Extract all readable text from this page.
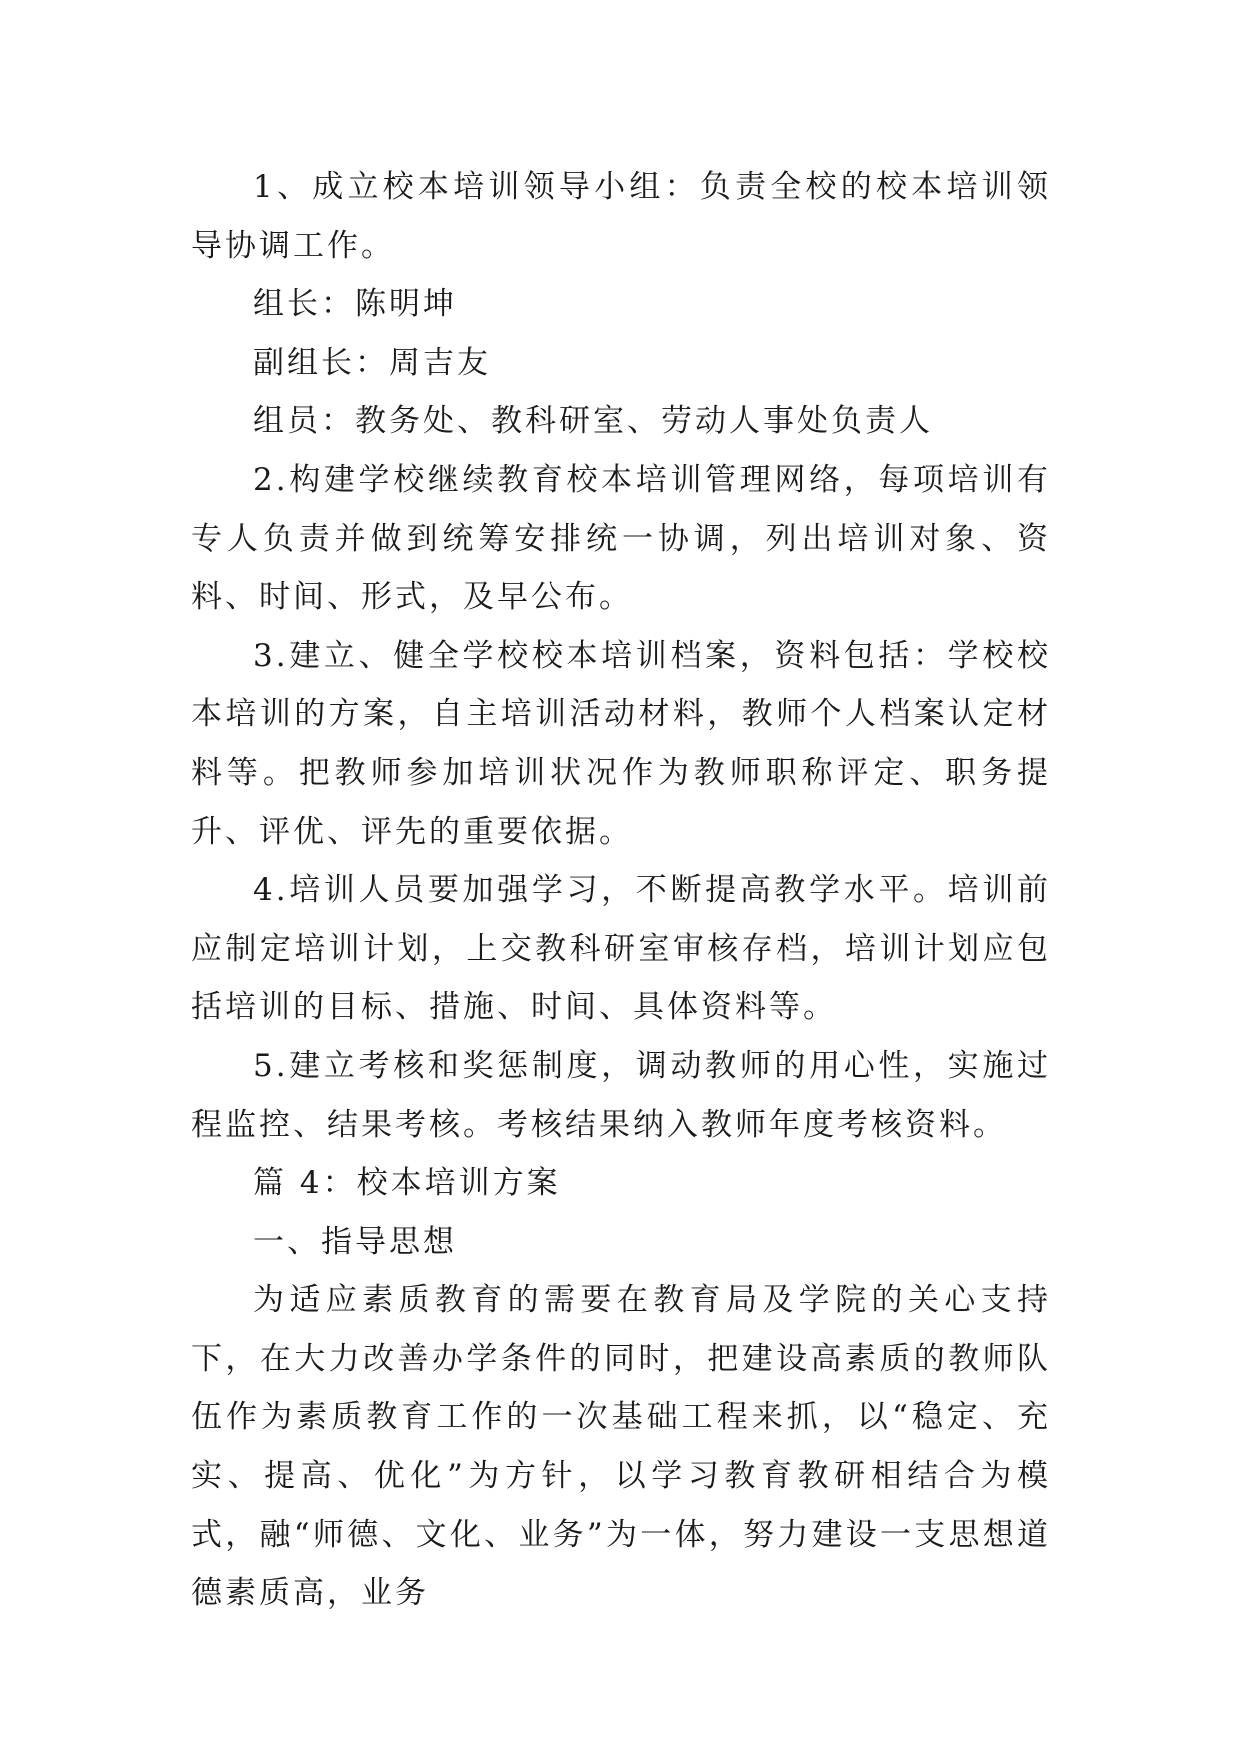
1、成立校本培训领导小组：负责全校的校本培训领导协调工作。

组长：陈明坤

副组长：周吉友

组员：教务处、教科研室、劳动人事处负责人

2.构建学校继续教育校本培训管理网络，每项培训有专人负责并做到统筹安排统一协调，列出培训对象、资料、时间、形式，及早公布。

3.建立、健全学校校本培训档案，资料包括：学校校本培训的方案，自主培训活动材料，教师个人档案认定材料等。把教师参加培训状况作为教师职称评定、职务提升、评优、评先的重要依据。

4.培训人员要加强学习，不断提高教学水平。培训前应制定培训计划，上交教科研室审核存档，培训计划应包括培训的目标、措施、时间、具体资料等。

5.建立考核和奖惩制度，调动教师的用心性，实施过程监控、结果考核。考核结果纳入教师年度考核资料。

篇 4：校本培训方案

一、指导思想

为适应素质教育的需要在教育局及学院的关心支持下，在大力改善办学条件的同时，把建设高素质的教师队伍作为素质教育工作的一次基础工程来抓，以“稳定、充实、提高、优化”为方针，以学习教育教研相结合为模式，融“师德、文化、业务”为一体，努力建设一支思想道德素质高，业务
